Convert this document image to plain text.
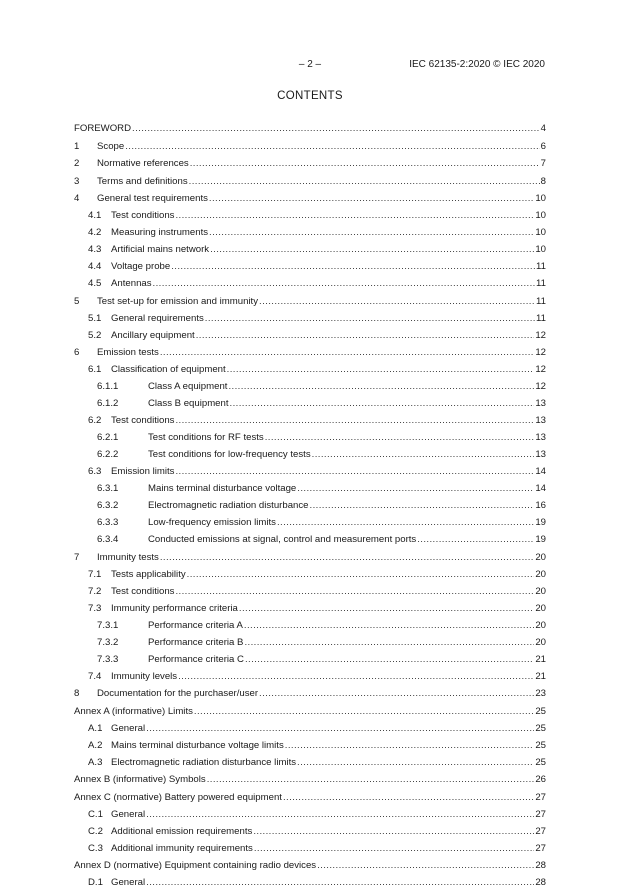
– 2 –	IEC 62135-2:2020 © IEC 2020
CONTENTS
FOREWORD .....	4
1	Scope .....	6
2	Normative references .....	7
3	Terms and definitions .....	8
4	General test requirements .....	10
4.1	Test conditions .....	10
4.2	Measuring instruments .....	10
4.3	Artificial mains network .....	10
4.4	Voltage probe .....	11
4.5	Antennas .....	11
5	Test set-up for emission and immunity .....	11
5.1	General requirements .....	11
5.2	Ancillary equipment .....	12
6	Emission tests .....	12
6.1	Classification of equipment .....	12
6.1.1	Class A equipment .....	12
6.1.2	Class B equipment .....	13
6.2	Test conditions .....	13
6.2.1	Test conditions for RF tests .....	13
6.2.2	Test conditions for low-frequency tests .....	13
6.3	Emission limits .....	14
6.3.1	Mains terminal disturbance voltage .....	14
6.3.2	Electromagnetic radiation disturbance .....	16
6.3.3	Low-frequency emission limits .....	19
6.3.4	Conducted emissions at signal, control and measurement ports .....	19
7	Immunity tests .....	20
7.1	Tests applicability .....	20
7.2	Test conditions .....	20
7.3	Immunity performance criteria .....	20
7.3.1	Performance criteria A .....	20
7.3.2	Performance criteria B .....	20
7.3.3	Performance criteria C .....	21
7.4	Immunity levels .....	21
8	Documentation for the purchaser/user .....	23
Annex A (informative) Limits .....	25
A.1 General .....	25
A.2 Mains terminal disturbance voltage limits .....	25
A.3 Electromagnetic radiation disturbance limits .....	25
Annex B (informative) Symbols .....	26
Annex C (normative) Battery powered equipment .....	27
C.1 General .....	27
C.2 Additional emission requirements .....	27
C.3 Additional immunity requirements .....	27
Annex D (normative) Equipment containing radio devices .....	28
D.1 General .....	28
